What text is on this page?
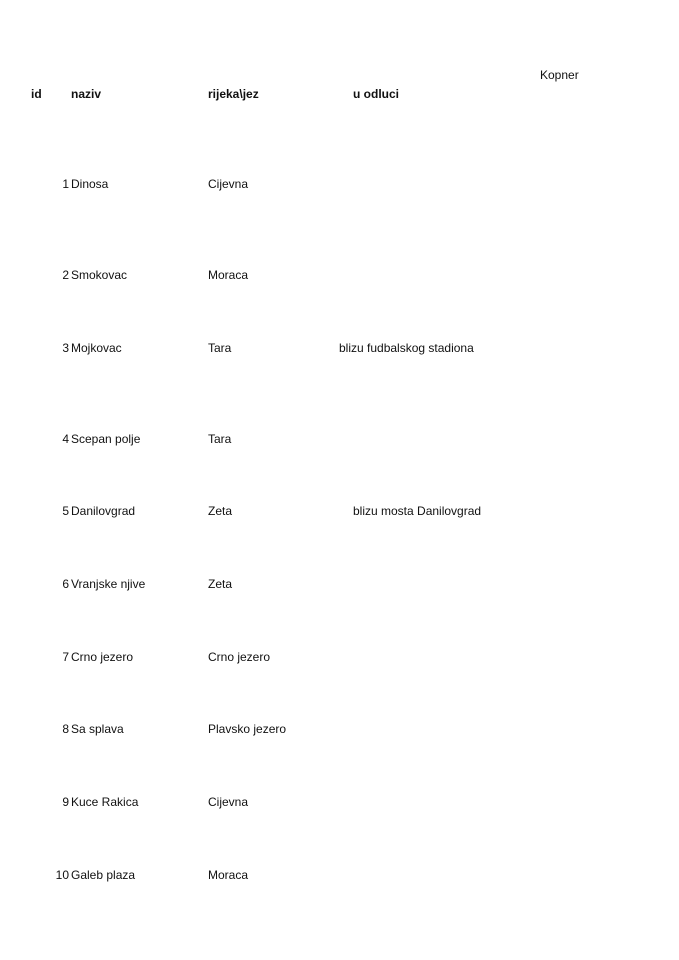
Kopner
id naziv	rijeka\jez	u odluci
1 Dinosa	Cijevna
2 Smokovac	Moraca
3 Mojkovac	Tara	blizu fudbalskog stadiona
4 Scepan polje	Tara
5 Danilovgrad	Zeta	blizu mosta Danilovgrad
6 Vranjske njive	Zeta
7 Crno jezero	Crno jezero
8 Sa splava	Plavsko jezero
9 Kuce Rakica	Cijevna
10 Galeb plaza	Moraca
